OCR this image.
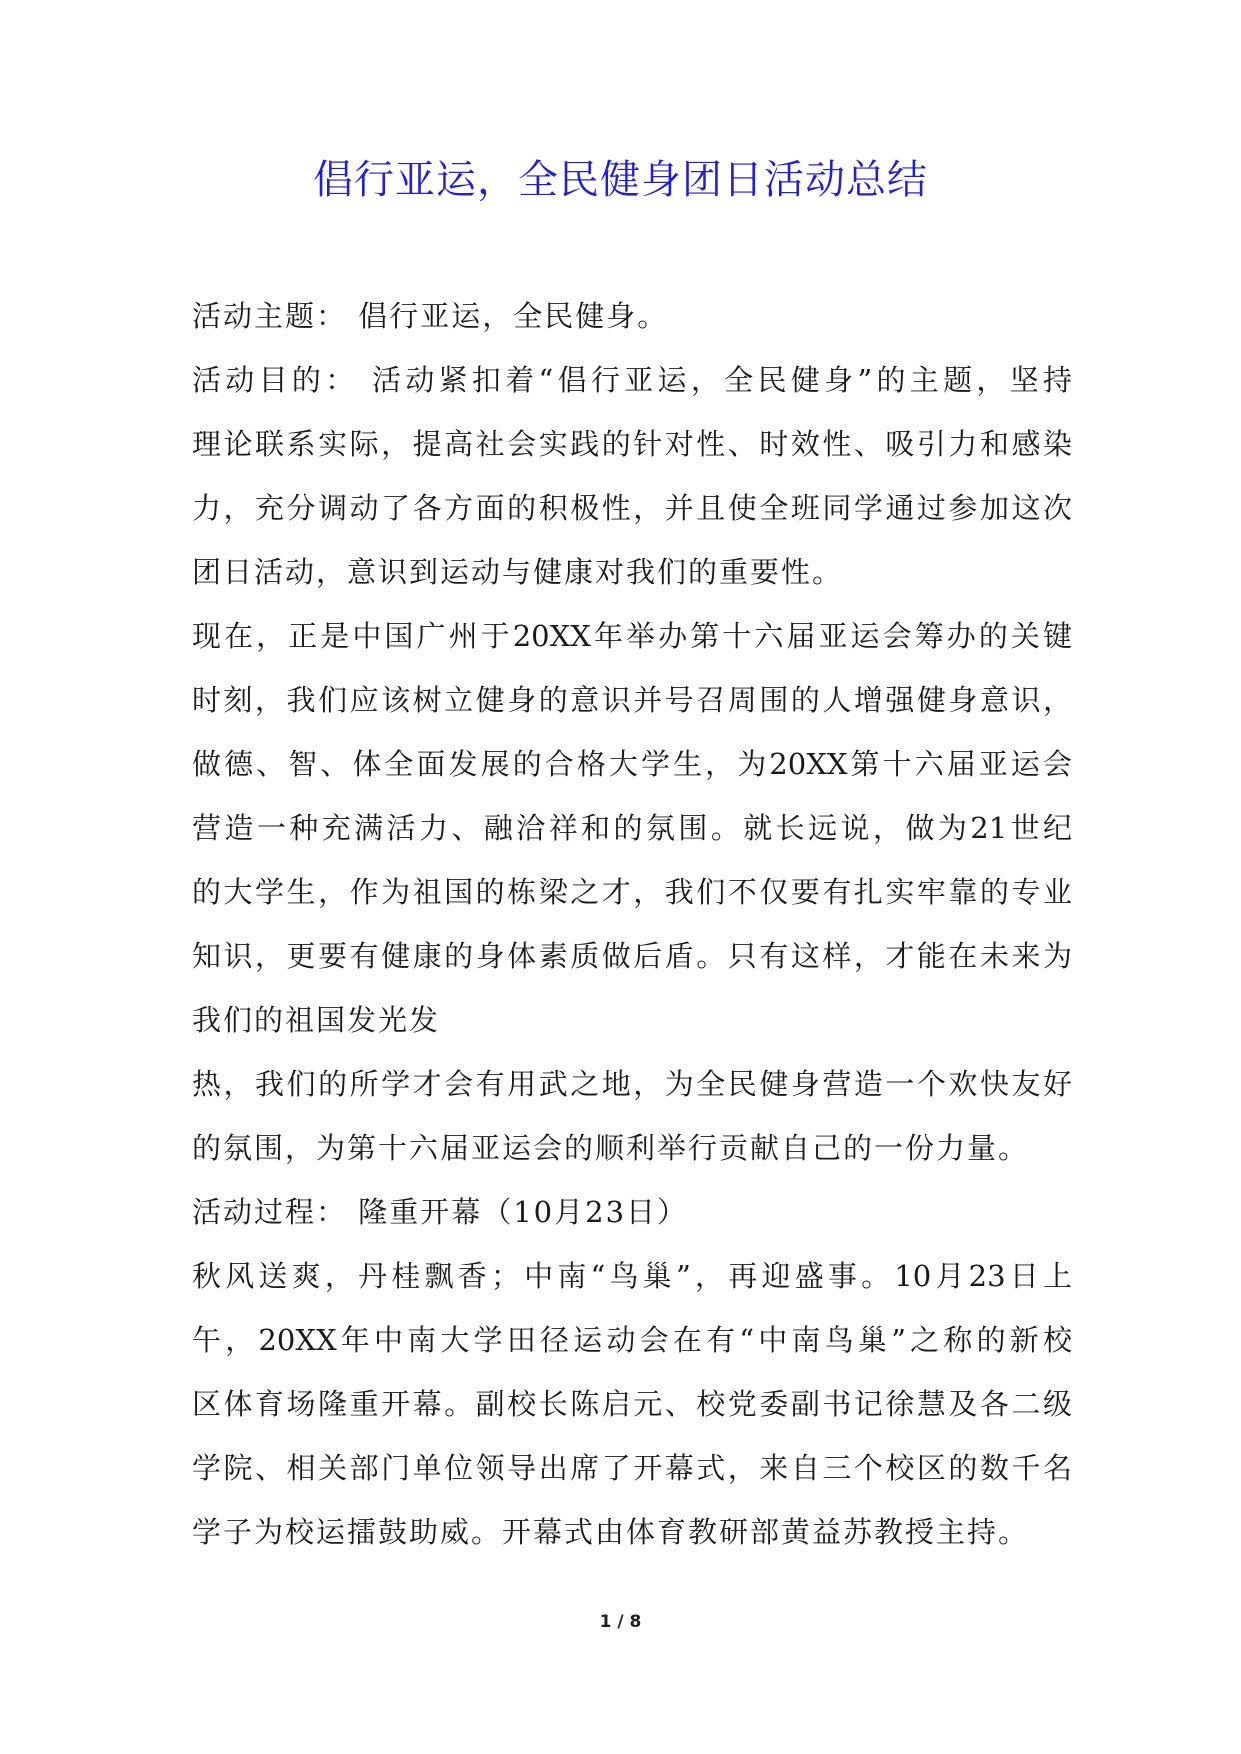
倡行亚运，全民健身团日活动总结

活动主题： 倡行亚运，全民健身。

活动目的： 活动紧扣着“倡行亚运，全民健身”的主题，坚持

理论联系实际，提高社会实践的针对性、时效性、吸引力和感染

力，充分调动了各方面的积极性，并且使全班同学通过参加这次

团日活动，意识到运动与健康对我们的重要性。

现在，正是中国广州于20XX年举办第十六届亚运会筹办的关键

时刻，我们应该树立健身的意识并号召周围的人增强健身意识，

做德、智、体全面发展的合格大学生，为20XX第十六届亚运会

营造一种充满活力、融洽祥和的氛围。就长远说，做为21世纪

的大学生，作为祖国的栋梁之才，我们不仅要有扎实牢靠的专业

知识，更要有健康的身体素质做后盾。只有这样，才能在未来为

我们的祖国发光发

热，我们的所学才会有用武之地，为全民健身营造一个欢快友好

的氛围，为第十六届亚运会的顺利举行贡献自己的一份力量。

活动过程： 隆重开幕（10月23日）

秋风送爽，丹桂飘香；中南“鸟巢”，再迎盛事。10月23日上

午，20XX年中南大学田径运动会在有“中南鸟巢”之称的新校

区体育场隆重开幕。副校长陈启元、校党委副书记徐慧及各二级

学院、相关部门单位领导出席了开幕式，来自三个校区的数千名

学子为校运擂鼓助威。开幕式由体育教研部黄益苏教授主持。

1 / 8
